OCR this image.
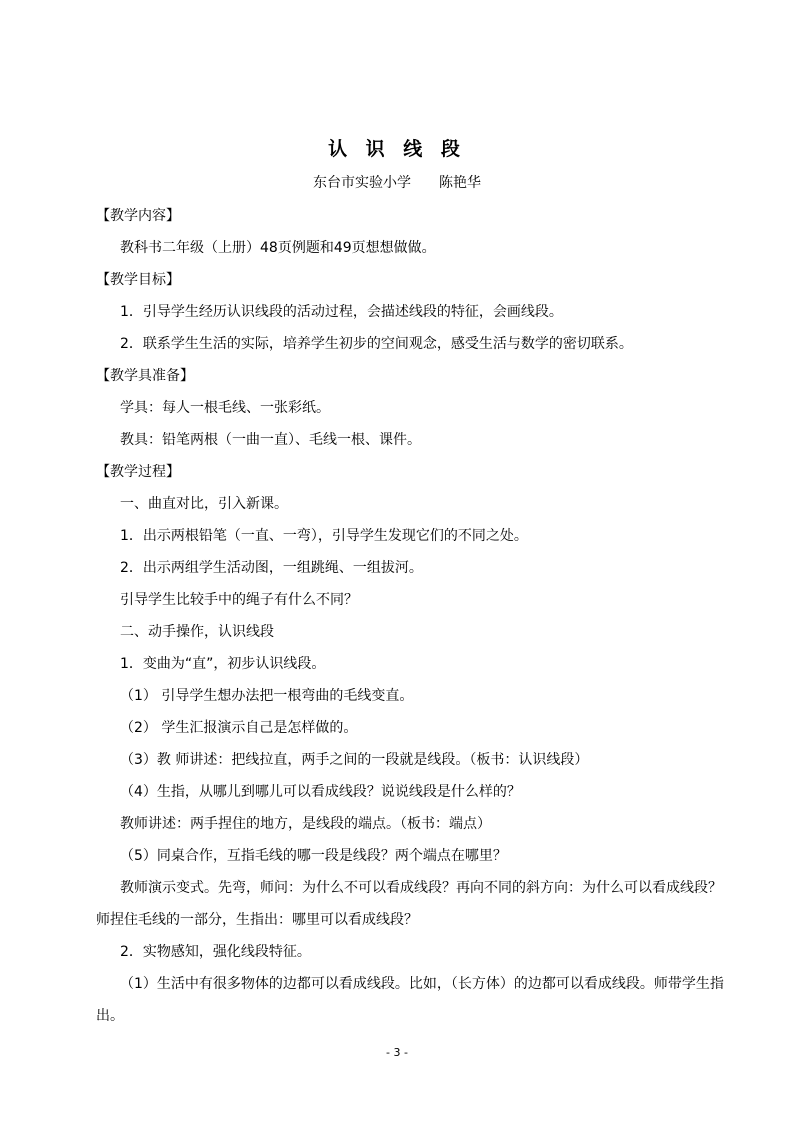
认 识 线 段
东台市实验小学 陈艳华
【教学内容】
教科书二年级（上册）48页例题和49页想想做做。
【教学目标】
1．引导学生经历认识线段的活动过程，会描述线段的特征，会画线段。
2．联系学生生活的实际，培养学生初步的空间观念，感受生活与数学的密切联系。
【教学具准备】
学具：每人一根毛线、一张彩纸。
教具：铅笔两根（一曲一直）、毛线一根、课件。
【教学过程】
一、曲直对比，引入新课。
1．出示两根铅笔（一直、一弯），引导学生发现它们的不同之处。
2．出示两组学生活动图，一组跳绳、一组拔河。
引导学生比较手中的绳子有什么不同？
二、动手操作，认识线段
1．变曲为“直”，初步认识线段。
（1） 引导学生想办法把一根弯曲的毛线变直。
（2） 学生汇报演示自己是怎样做的。
（3）教 师讲述：把线拉直，两手之间的一段就是线段。（板书：认识线段）
（4）生指，从哪儿到哪儿可以看成线段？说说线段是什么样的？
教师讲述：两手捏住的地方，是线段的端点。（板书：端点）
（5）同桌合作，互指毛线的哪一段是线段？两个端点在哪里？
教师演示变式。先弯，师问：为什么不可以看成线段？再向不同的斜方向：为什么可以看成线段？
师捏住毛线的一部分，生指出：哪里可以看成线段？
2．实物感知，强化线段特征。
（1）生活中有很多物体的边都可以看成线段。比如，（长方体）的边都可以看成线段。师带学生指
出。
- 3 -
